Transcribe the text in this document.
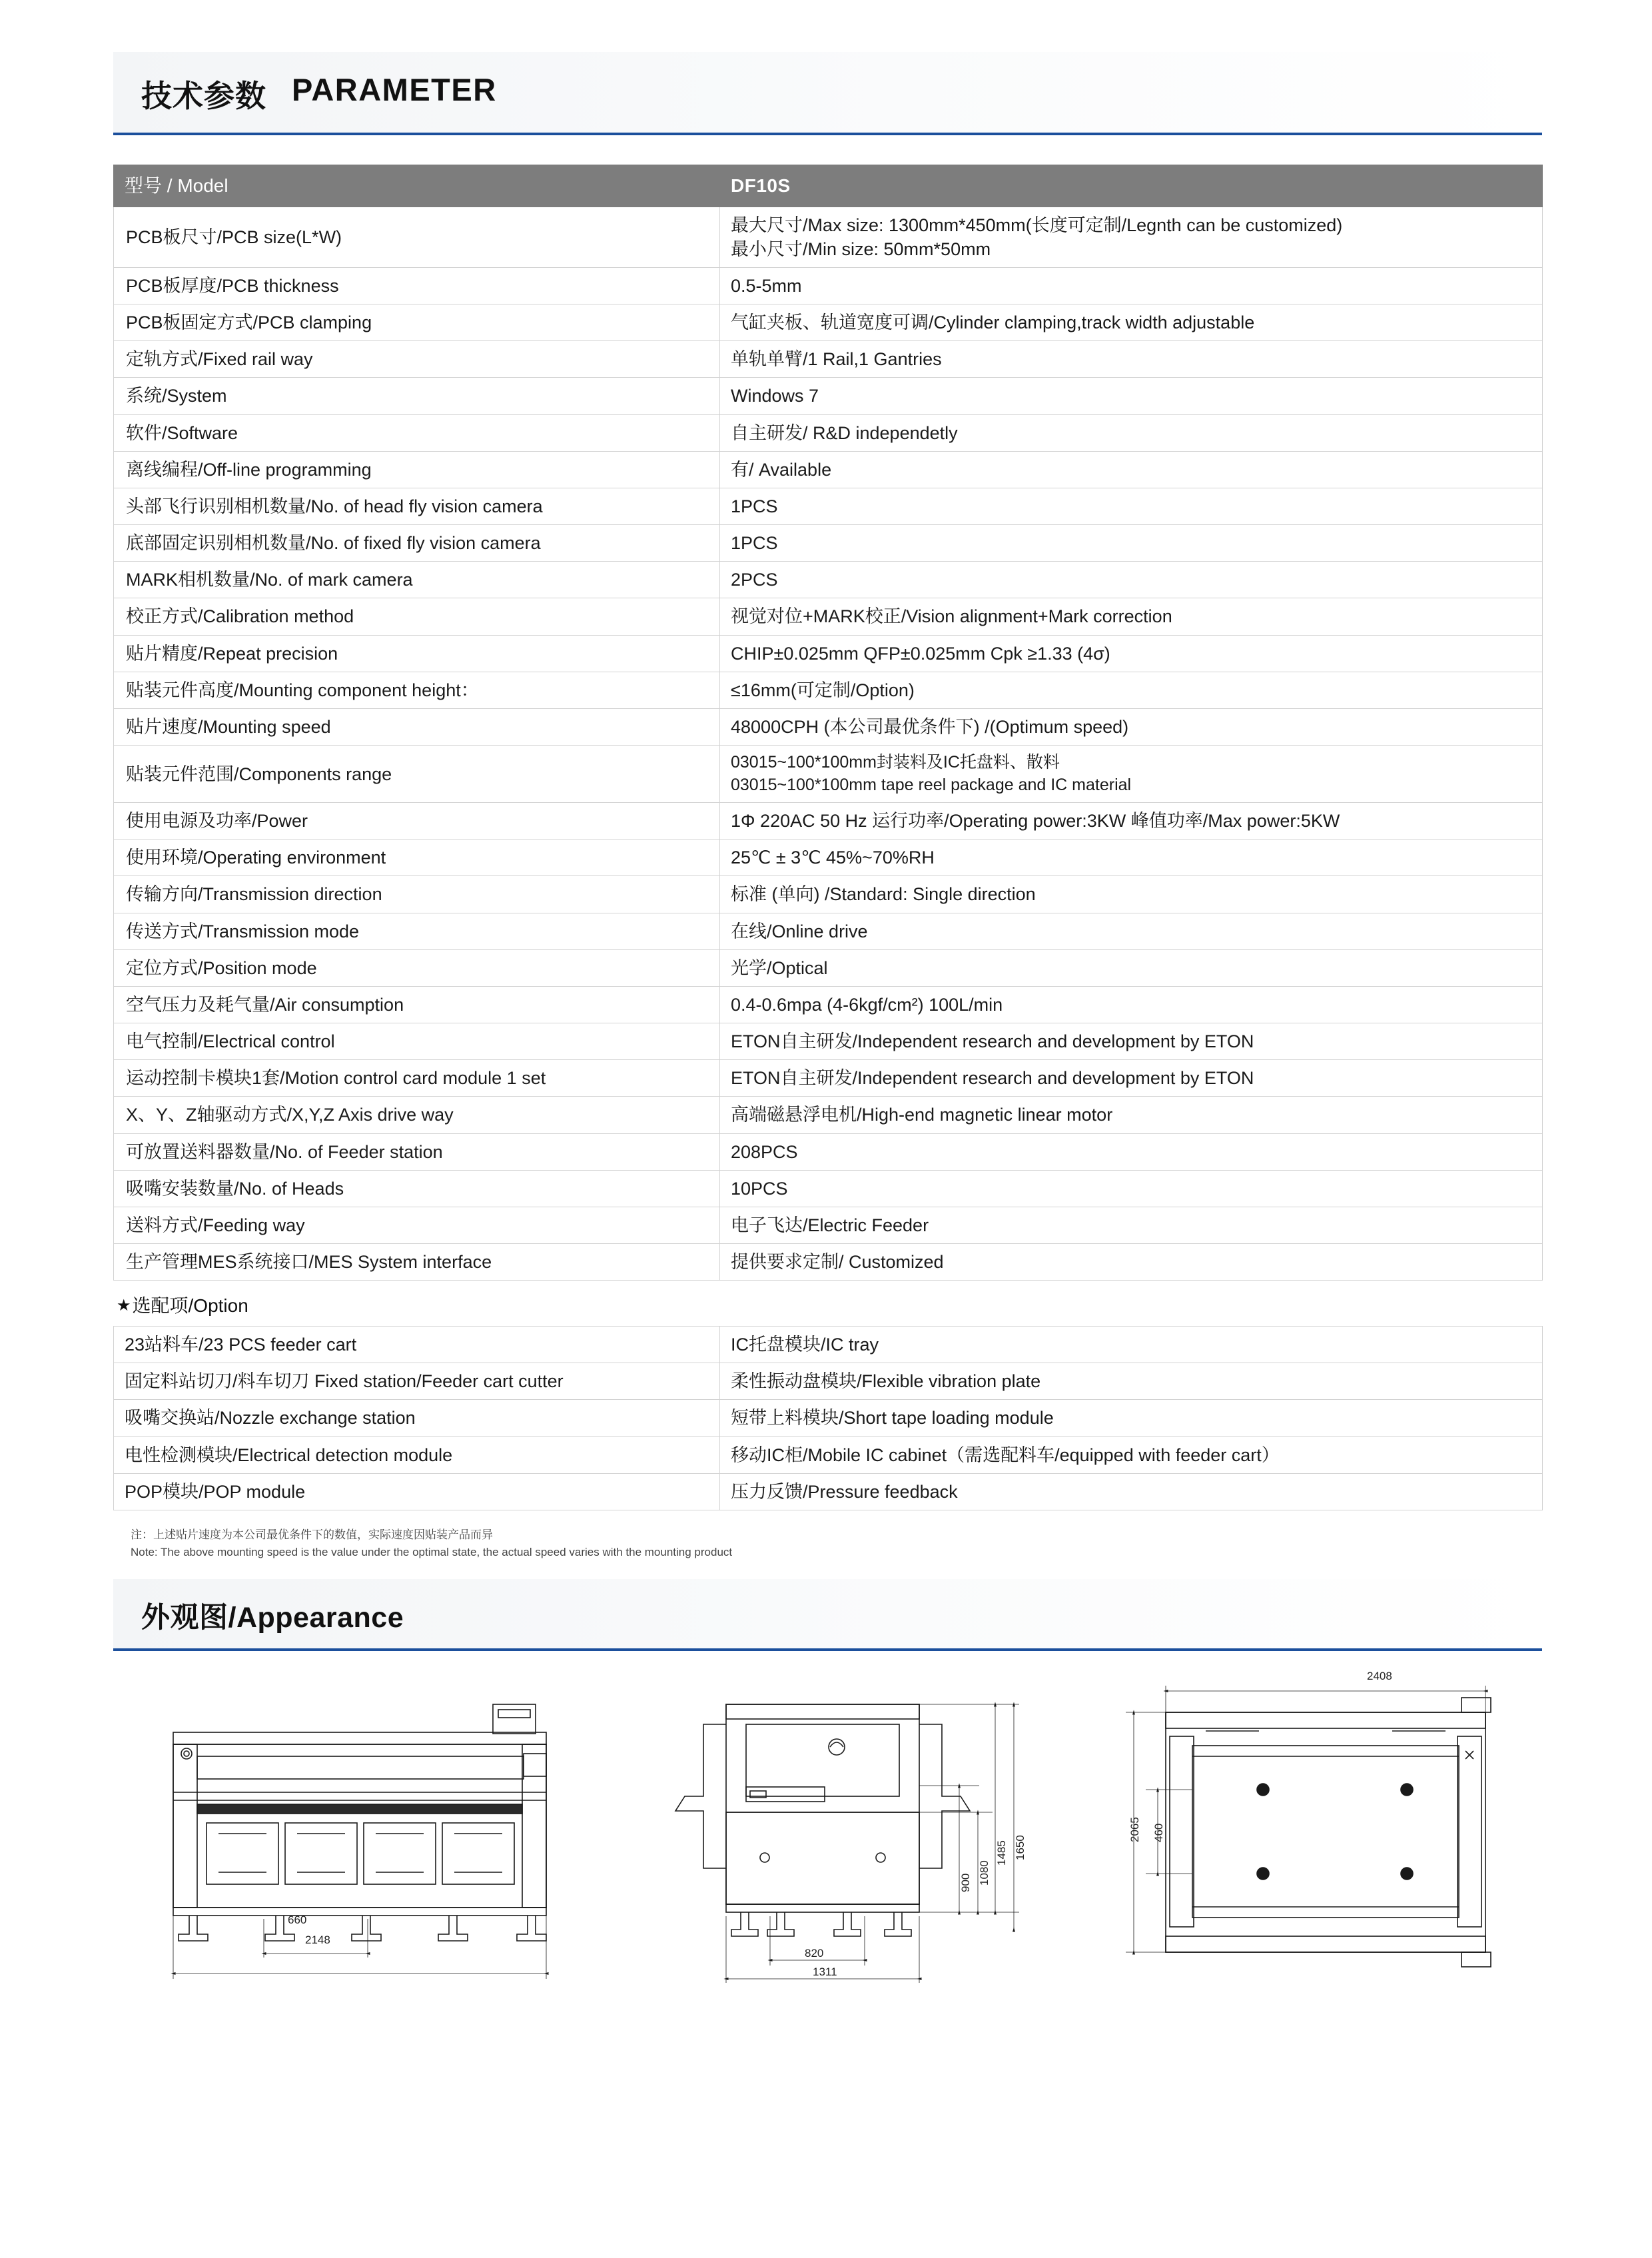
技术参数 PARAMETER
型号 / Model	DF10S
PCB板尺寸/PCB size(L*W)	最大尺寸/Max size: 1300mm*450mm(长度可定制/Legnth can be customized)
最小尺寸/Min size: 50mm*50mm

PCB板厚度/PCB thickness	0.5-5mm
PCB板固定方式/PCB clamping	气缸夹板、轨道宽度可调/Cylinder clamping,track width adjustable
定轨方式/Fixed rail way	单轨单臂/1 Rail,1 Gantries
系统/System	Windows 7
软件/Software	自主研发/ R&D independetly
离线编程/Off-line programming	有/ Available
头部飞行识别相机数量/No. of head fly vision camera	1PCS
底部固定识别相机数量/No. of fixed fly vision camera	1PCS
MARK相机数量/No. of mark camera	2PCS
校正方式/Calibration method	视觉对位+MARK校正/Vision alignment+Mark correction
贴片精度/Repeat precision	CHIP±0.025mm QFP±0.025mm Cpk ≥1.33 (4σ)
贴装元件高度/Mounting component height：	≤16mm(可定制/Option)
贴片速度/Mounting speed	48000CPH (本公司最优条件下) /(Optimum speed)
贴装元件范围/Components range	03015~100*100mm封装料及IC托盘料、散料
03015~100*100mm tape reel package and IC material

使用电源及功率/Power	1Φ 220AC 50 Hz 运行功率/Operating power:3KW 峰值功率/Max power:5KW
使用环境/Operating environment	25℃ ± 3℃ 45%~70%RH
传输方向/Transmission direction	标准 (单向) /Standard: Single direction
传送方式/Transmission mode	在线/Online drive
定位方式/Position mode	光学/Optical
空气压力及耗气量/Air consumption	0.4-0.6mpa (4-6kgf/cm²) 100L/min
电气控制/Electrical control	ETON自主研发/Independent research and development by ETON
运动控制卡模块1套/Motion control card module 1 set	ETON自主研发/Independent research and development by ETON
X、Y、Z轴驱动方式/X,Y,Z Axis drive way	高端磁悬浮电机/High-end magnetic linear motor
可放置送料器数量/No. of Feeder station	208PCS
吸嘴安装数量/No. of Heads	10PCS
送料方式/Feeding way	电子飞达/Electric Feeder
生产管理MES系统接口/MES System interface	提供要求定制/ Customized
★选配项/Option
23站料车/23 PCS feeder cart	IC托盘模块/IC tray
固定料站切刀/料车切刀 Fixed station/Feeder cart cutter	柔性振动盘模块/Flexible vibration plate
吸嘴交换站/Nozzle exchange station	短带上料模块/Short tape loading module
电性检测模块/Electrical detection module	移动IC柜/Mobile IC cabinet（需选配料车/equipped with feeder cart）
POP模块/POP module	压力反馈/Pressure feedback
注：上述贴片速度为本公司最优条件下的数值，实际速度因贴装产品而异
Note: The above mounting speed is the value under the optimal state, the actual speed varies with the mounting product
外观图/Appearance
660
2148
820
1311
900 1080
1485 1650
2408
2065 460
